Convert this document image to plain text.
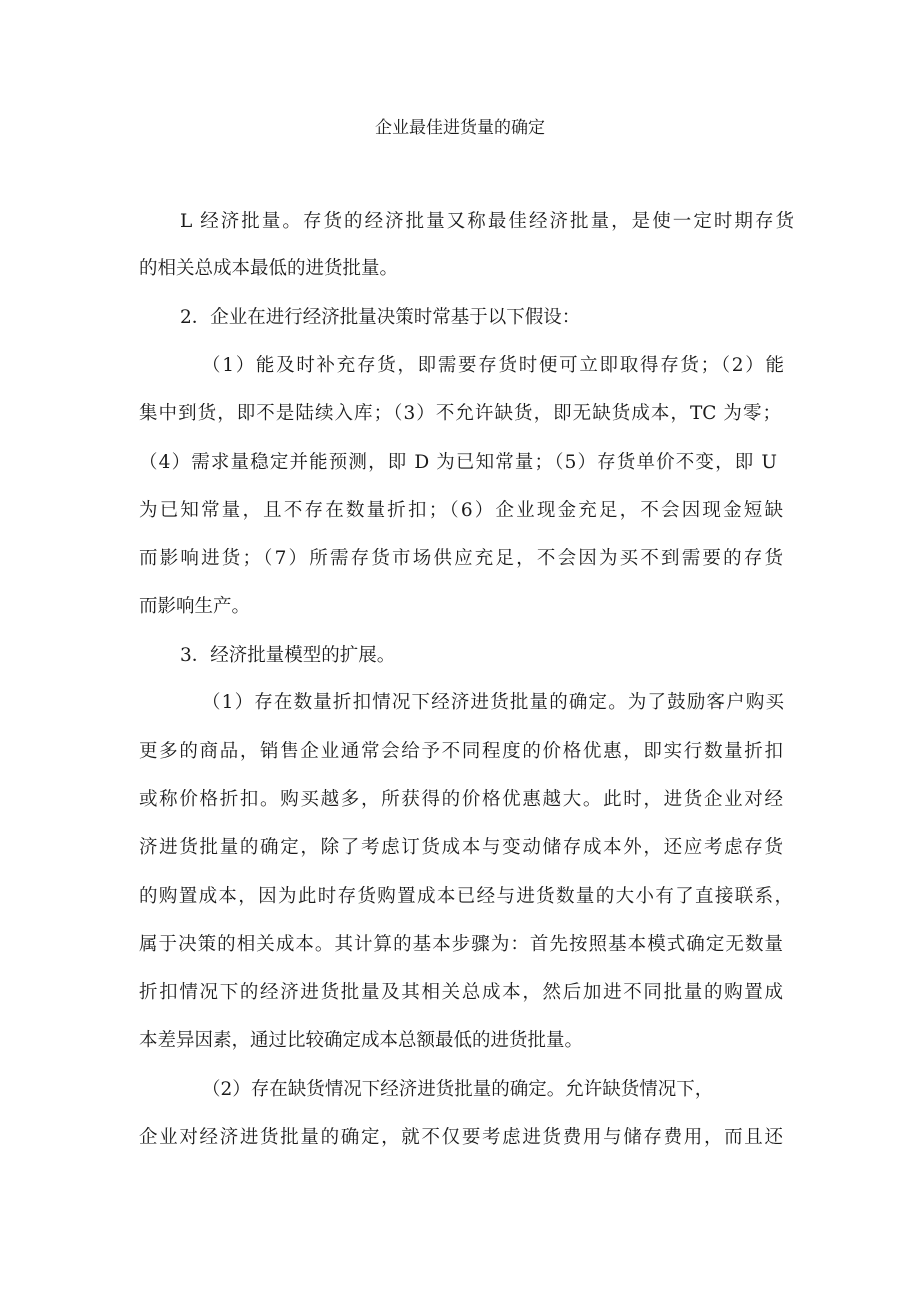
企业最佳进货量的确定

L 经济批量。存货的经济批量又称最佳经济批量，是使一定时期存货

的相关总成本最低的进货批量。

2．企业在进行经济批量决策时常基于以下假设：

（1）能及时补充存货，即需要存货时便可立即取得存货；（2）能

集中到货，即不是陆续入库；（3）不允许缺货，即无缺货成本，TC 为零；

（4）需求量稳定并能预测，即 D 为已知常量；（5）存货单价不变，即 U

为已知常量，且不存在数量折扣；（6）企业现金充足，不会因现金短缺

而影响进货；（7）所需存货市场供应充足，不会因为买不到需要的存货

而影响生产。

3．经济批量模型的扩展。

（1）存在数量折扣情况下经济进货批量的确定。为了鼓励客户购买

更多的商品，销售企业通常会给予不同程度的价格优惠，即实行数量折扣

或称价格折扣。购买越多，所获得的价格优惠越大。此时，进货企业对经

济进货批量的确定，除了考虑订货成本与变动储存成本外，还应考虑存货

的购置成本，因为此时存货购置成本已经与进货数量的大小有了直接联系，

属于决策的相关成本。其计算的基本步骤为：首先按照基本模式确定无数量

折扣情况下的经济进货批量及其相关总成本，然后加进不同批量的购置成

本差异因素，通过比较确定成本总额最低的进货批量。

（2）存在缺货情况下经济进货批量的确定。允许缺货情况下，

企业对经济进货批量的确定，就不仅要考虑进货费用与储存费用，而且还
